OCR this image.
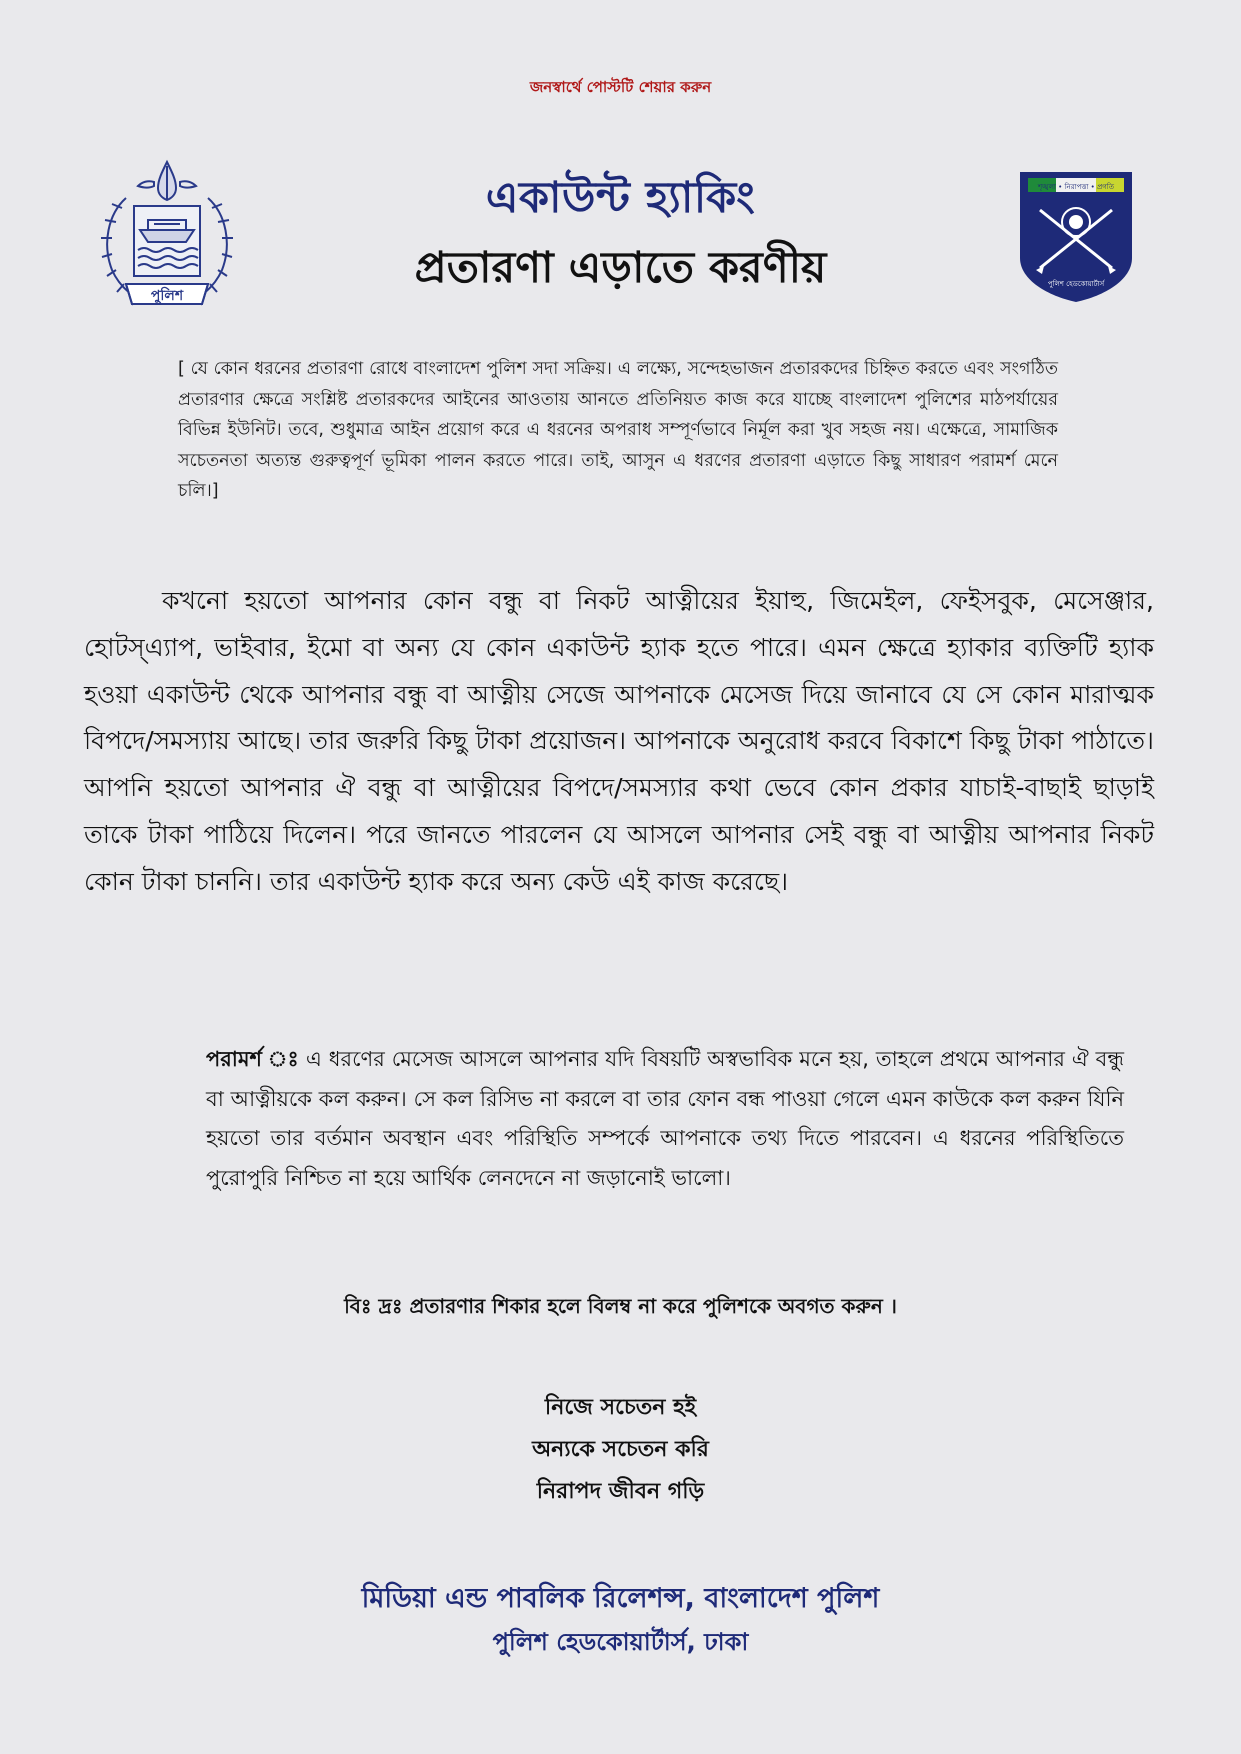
জনস্বার্থে পোস্টটি শেয়ার করুন
পুলিশ
একাউন্ট হ্যাকিং
প্রতারণা এড়াতে করণীয়
শৃঙ্খলা • নিরাপত্তা • প্রগতি
পুলিশ হেডকোয়ার্টার্স
[ যে কোন ধরনের প্রতারণা রোধে বাংলাদেশ পুলিশ সদা সক্রিয়। এ লক্ষ্যে, সন্দেহভাজন প্রতারকদের চিহ্নিত করতে এবং সংগঠিত প্রতারণার ক্ষেত্রে সংশ্লিষ্ট প্রতারকদের আইনের আওতায় আনতে প্রতিনিয়ত কাজ করে যাচ্ছে বাংলাদেশ পুলিশের মাঠপর্যায়ের বিভিন্ন ইউনিট। তবে, শুধুমাত্র আইন প্রয়োগ করে এ ধরনের অপরাধ সম্পূর্ণভাবে নির্মূল করা খুব সহজ নয়। এক্ষেত্রে, সামাজিক সচেতনতা অত্যন্ত গুরুত্বপূর্ণ ভূমিকা পালন করতে পারে। তাই, আসুন এ ধরণের প্রতারণা এড়াতে কিছু সাধারণ পরামর্শ মেনে চলি।]
কখনো হয়তো আপনার কোন বন্ধু বা নিকট আত্নীয়ের ইয়াহু, জিমেইল, ফেইসবুক, মেসেঞ্জার, হোটস্এ্যাপ, ভাইবার, ইমো বা অন্য যে কোন একাউন্ট হ্যাক হতে পারে। এমন ক্ষেত্রে হ্যাকার ব্যক্তিটি হ্যাক হওয়া একাউন্ট থেকে আপনার বন্ধু বা আত্নীয় সেজে আপনাকে মেসেজ দিয়ে জানাবে যে সে কোন মারাত্মক বিপদে/সমস্যায় আছে। তার জরুরি কিছু টাকা প্রয়োজন। আপনাকে অনুরোধ করবে বিকাশে কিছু টাকা পাঠাতে। আপনি হয়তো আপনার ঐ বন্ধু বা আত্নীয়ের বিপদে/সমস্যার কথা ভেবে কোন প্রকার যাচাই-বাছাই ছাড়াই তাকে টাকা পাঠিয়ে দিলেন। পরে জানতে পারলেন যে আসলে আপনার সেই বন্ধু বা আত্নীয় আপনার নিকট কোন টাকা চাননি। তার একাউন্ট হ্যাক করে অন্য কেউ এই কাজ করেছে।
পরামর্শ ঃ এ ধরণের মেসেজ আসলে আপনার যদি বিষয়টি অস্বভাবিক মনে হয়, তাহলে প্রথমে আপনার ঐ বন্ধু বা আত্নীয়কে কল করুন। সে কল রিসিভ না করলে বা তার ফোন বন্ধ পাওয়া গেলে এমন কাউকে কল করুন যিনি হয়তো তার বর্তমান অবস্থান এবং পরিস্থিতি সম্পর্কে আপনাকে তথ্য দিতে পারবেন। এ ধরনের পরিস্থিতিতে পুরোপুরি নিশ্চিত না হয়ে আর্থিক লেনদেনে না জড়ানোই ভালো।
বিঃ দ্রঃ প্রতারণার শিকার হলে বিলম্ব না করে পুলিশকে অবগত করুন ।
নিজে সচেতন হই
অন্যকে সচেতন করি
নিরাপদ জীবন গড়ি
মিডিয়া এন্ড পাবলিক রিলেশন্স, বাংলাদেশ পুলিশ
পুলিশ হেডকোয়ার্টার্স, ঢাকা
